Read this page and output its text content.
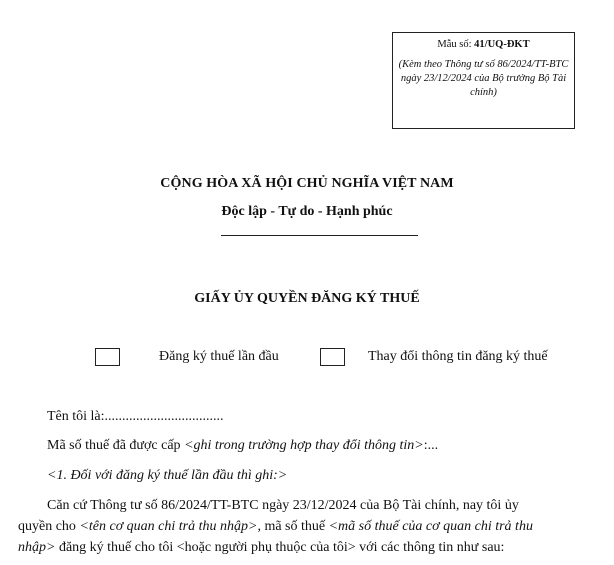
Mẫu số: 41/UQ-ĐKT
(Kèm theo Thông tư số 86/2024/TT-BTC ngày 23/12/2024 của Bộ trưởng Bộ Tài chính)
CỘNG HÒA XÃ HỘI CHỦ NGHĨA VIỆT NAM
Độc lập - Tự do - Hạnh phúc
GIẤY ỦY QUYỀN ĐĂNG KÝ THUẾ
Đăng ký thuế lần đầu	Thay đổi thông tin đăng ký thuế
Tên tôi là:..................................
Mã số thuế đã được cấp <ghi trong trường hợp thay đổi thông tin>:...
<1. Đối với đăng ký thuế lần đầu thì ghi:>
Căn cứ Thông tư số 86/2024/TT-BTC ngày 23/12/2024 của Bộ Tài chính, nay tôi ủy
quyền cho <tên cơ quan chi trả thu nhập>, mã số thuế <mã số thuế của cơ quan chi trả thu
nhập> đăng ký thuế cho tôi <hoặc người phụ thuộc của tôi> với các thông tin như sau:
